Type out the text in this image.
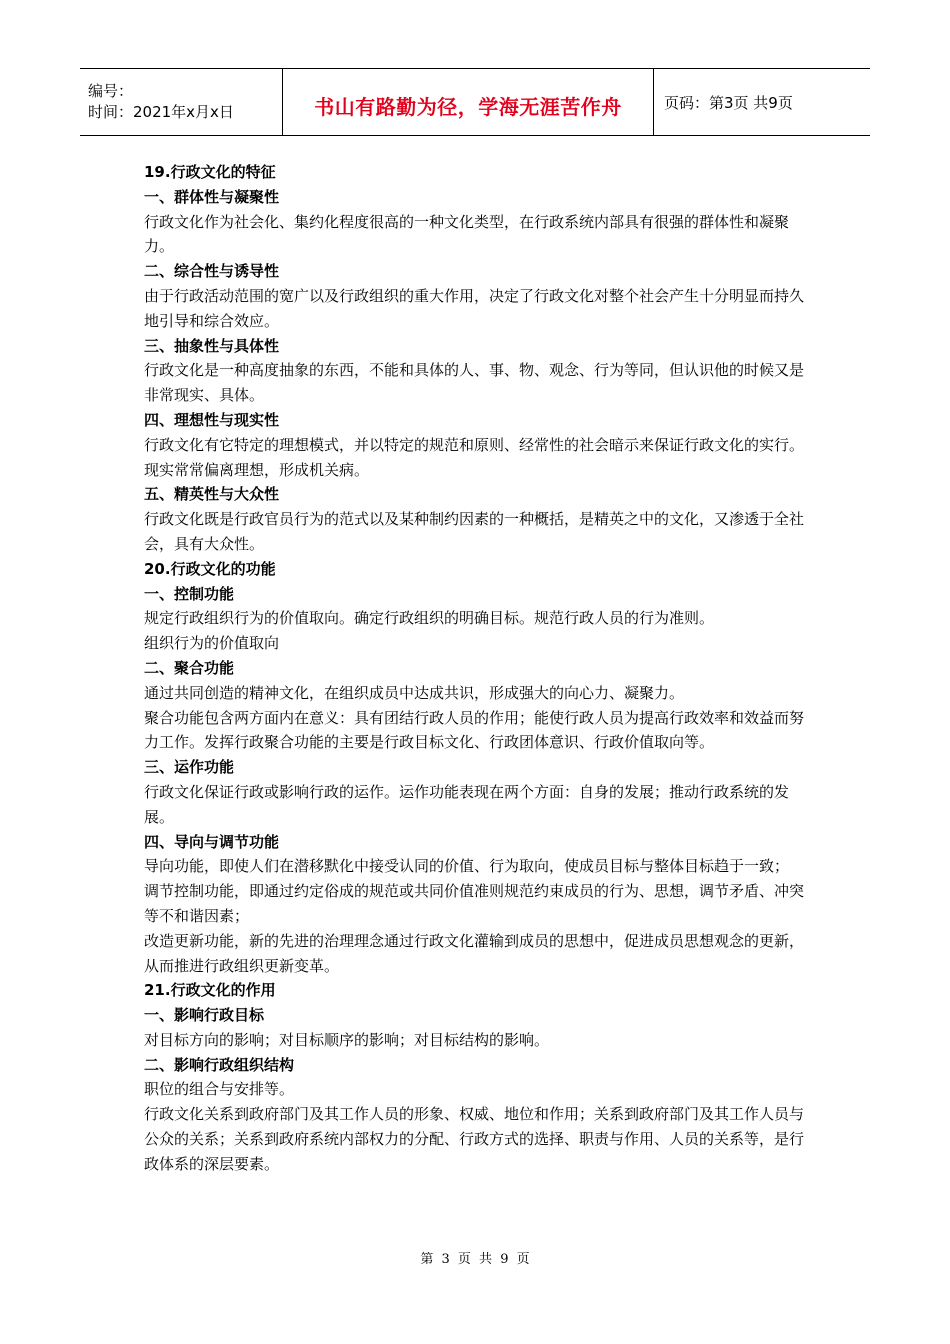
编号：
时间：2021年x月x日	书山有路勤为径，学海无涯苦作舟	页码：第3页 共9页

19.行政文化的特征

一、群体性与凝聚性

行政文化作为社会化、集约化程度很高的一种文化类型，在行政系统内部具有很强的群体性和凝聚力。

二、综合性与诱导性

由于行政活动范围的宽广以及行政组织的重大作用，决定了行政文化对整个社会产生十分明显而持久地引导和综合效应。

三、抽象性与具体性

行政文化是一种高度抽象的东西，不能和具体的人、事、物、观念、行为等同，但认识他的时候又是非常现实、具体。

四、理想性与现实性

行政文化有它特定的理想模式，并以特定的规范和原则、经常性的社会暗示来保证行政文化的实行。现实常常偏离理想，形成机关病。

五、精英性与大众性

行政文化既是行政官员行为的范式以及某种制约因素的一种概括，是精英之中的文化，又渗透于全社会，具有大众性。

20.行政文化的功能

一、控制功能

规定行政组织行为的价值取向。确定行政组织的明确目标。规范行政人员的行为准则。

组织行为的价值取向

二、聚合功能

通过共同创造的精神文化，在组织成员中达成共识，形成强大的向心力、凝聚力。

聚合功能包含两方面内在意义：具有团结行政人员的作用；能使行政人员为提高行政效率和效益而努力工作。发挥行政聚合功能的主要是行政目标文化、行政团体意识、行政价值取向等。

三、运作功能

行政文化保证行政或影响行政的运作。运作功能表现在两个方面：自身的发展；推动行政系统的发展。

四、导向与调节功能

导向功能，即使人们在潜移默化中接受认同的价值、行为取向，使成员目标与整体目标趋于一致；

调节控制功能，即通过约定俗成的规范或共同价值准则规范约束成员的行为、思想，调节矛盾、冲突等不和谐因素；

改造更新功能，新的先进的治理理念通过行政文化灌输到成员的思想中，促进成员思想观念的更新，从而推进行政组织更新变革。

21.行政文化的作用

一、影响行政目标

对目标方向的影响；对目标顺序的影响；对目标结构的影响。

二、影响行政组织结构

职位的组合与安排等。

行政文化关系到政府部门及其工作人员的形象、权威、地位和作用；关系到政府部门及其工作人员与公众的关系；关系到政府系统内部权力的分配、行政方式的选择、职责与作用、人员的关系等，是行政体系的深层要素。

第 3 页 共 9 页
